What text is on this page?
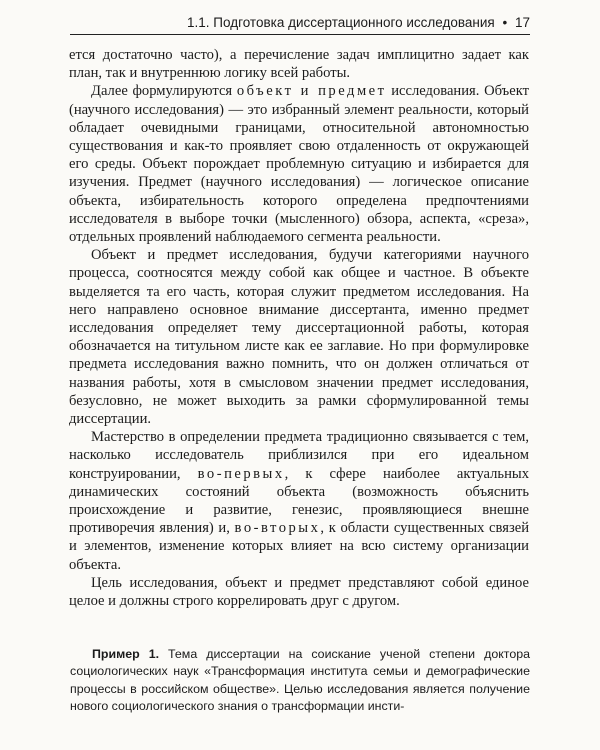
1.1. Подготовка диссертационного исследования • 17

ется достаточно часто), а перечисление задач имплицитно задает как план, так и внутреннюю логику всей работы.

Далее формулируются объект и предмет исследования. Объект (научного исследования) — это избранный элемент реальности, который обладает очевидными границами, относительной автономностью существования и как-то проявляет свою отдаленность от окружающей его среды. Объект порождает проблемную ситуацию и избирается для изучения. Предмет (научного исследования) — логическое описание объекта, избирательность которого определена предпочтениями исследователя в выборе точки (мысленного) обзора, аспекта, «среза», отдельных проявлений наблюдаемого сегмента реальности.

Объект и предмет исследования, будучи категориями научного процесса, соотносятся между собой как общее и частное. В объекте выделяется та его часть, которая служит предметом исследования. На него направлено основное внимание диссертанта, именно предмет исследования определяет тему диссертационной работы, которая обозначается на титульном листе как ее заглавие. Но при формулировке предмета исследования важно помнить, что он должен отличаться от названия работы, хотя в смысловом значении предмет исследования, безусловно, не может выходить за рамки сформулированной темы диссертации.

Мастерство в определении предмета традиционно связывается с тем, насколько исследователь приблизился при его идеальном конструировании, во-первых, к сфере наиболее актуальных динамических состояний объекта (возможность объяснить происхождение и развитие, генезис, проявляющиеся внешне противоречия явления) и, во-вторых, к области существенных связей и элементов, изменение которых влияет на всю систему организации объекта.

Цель исследования, объект и предмет представляют собой единое целое и должны строго коррелировать друг с другом.

Пример 1. Тема диссертации на соискание ученой степени доктора социологических наук «Трансформация института семьи и демографические процессы в российском обществе». Целью исследования является получение нового социологического знания о трансформации инсти-
